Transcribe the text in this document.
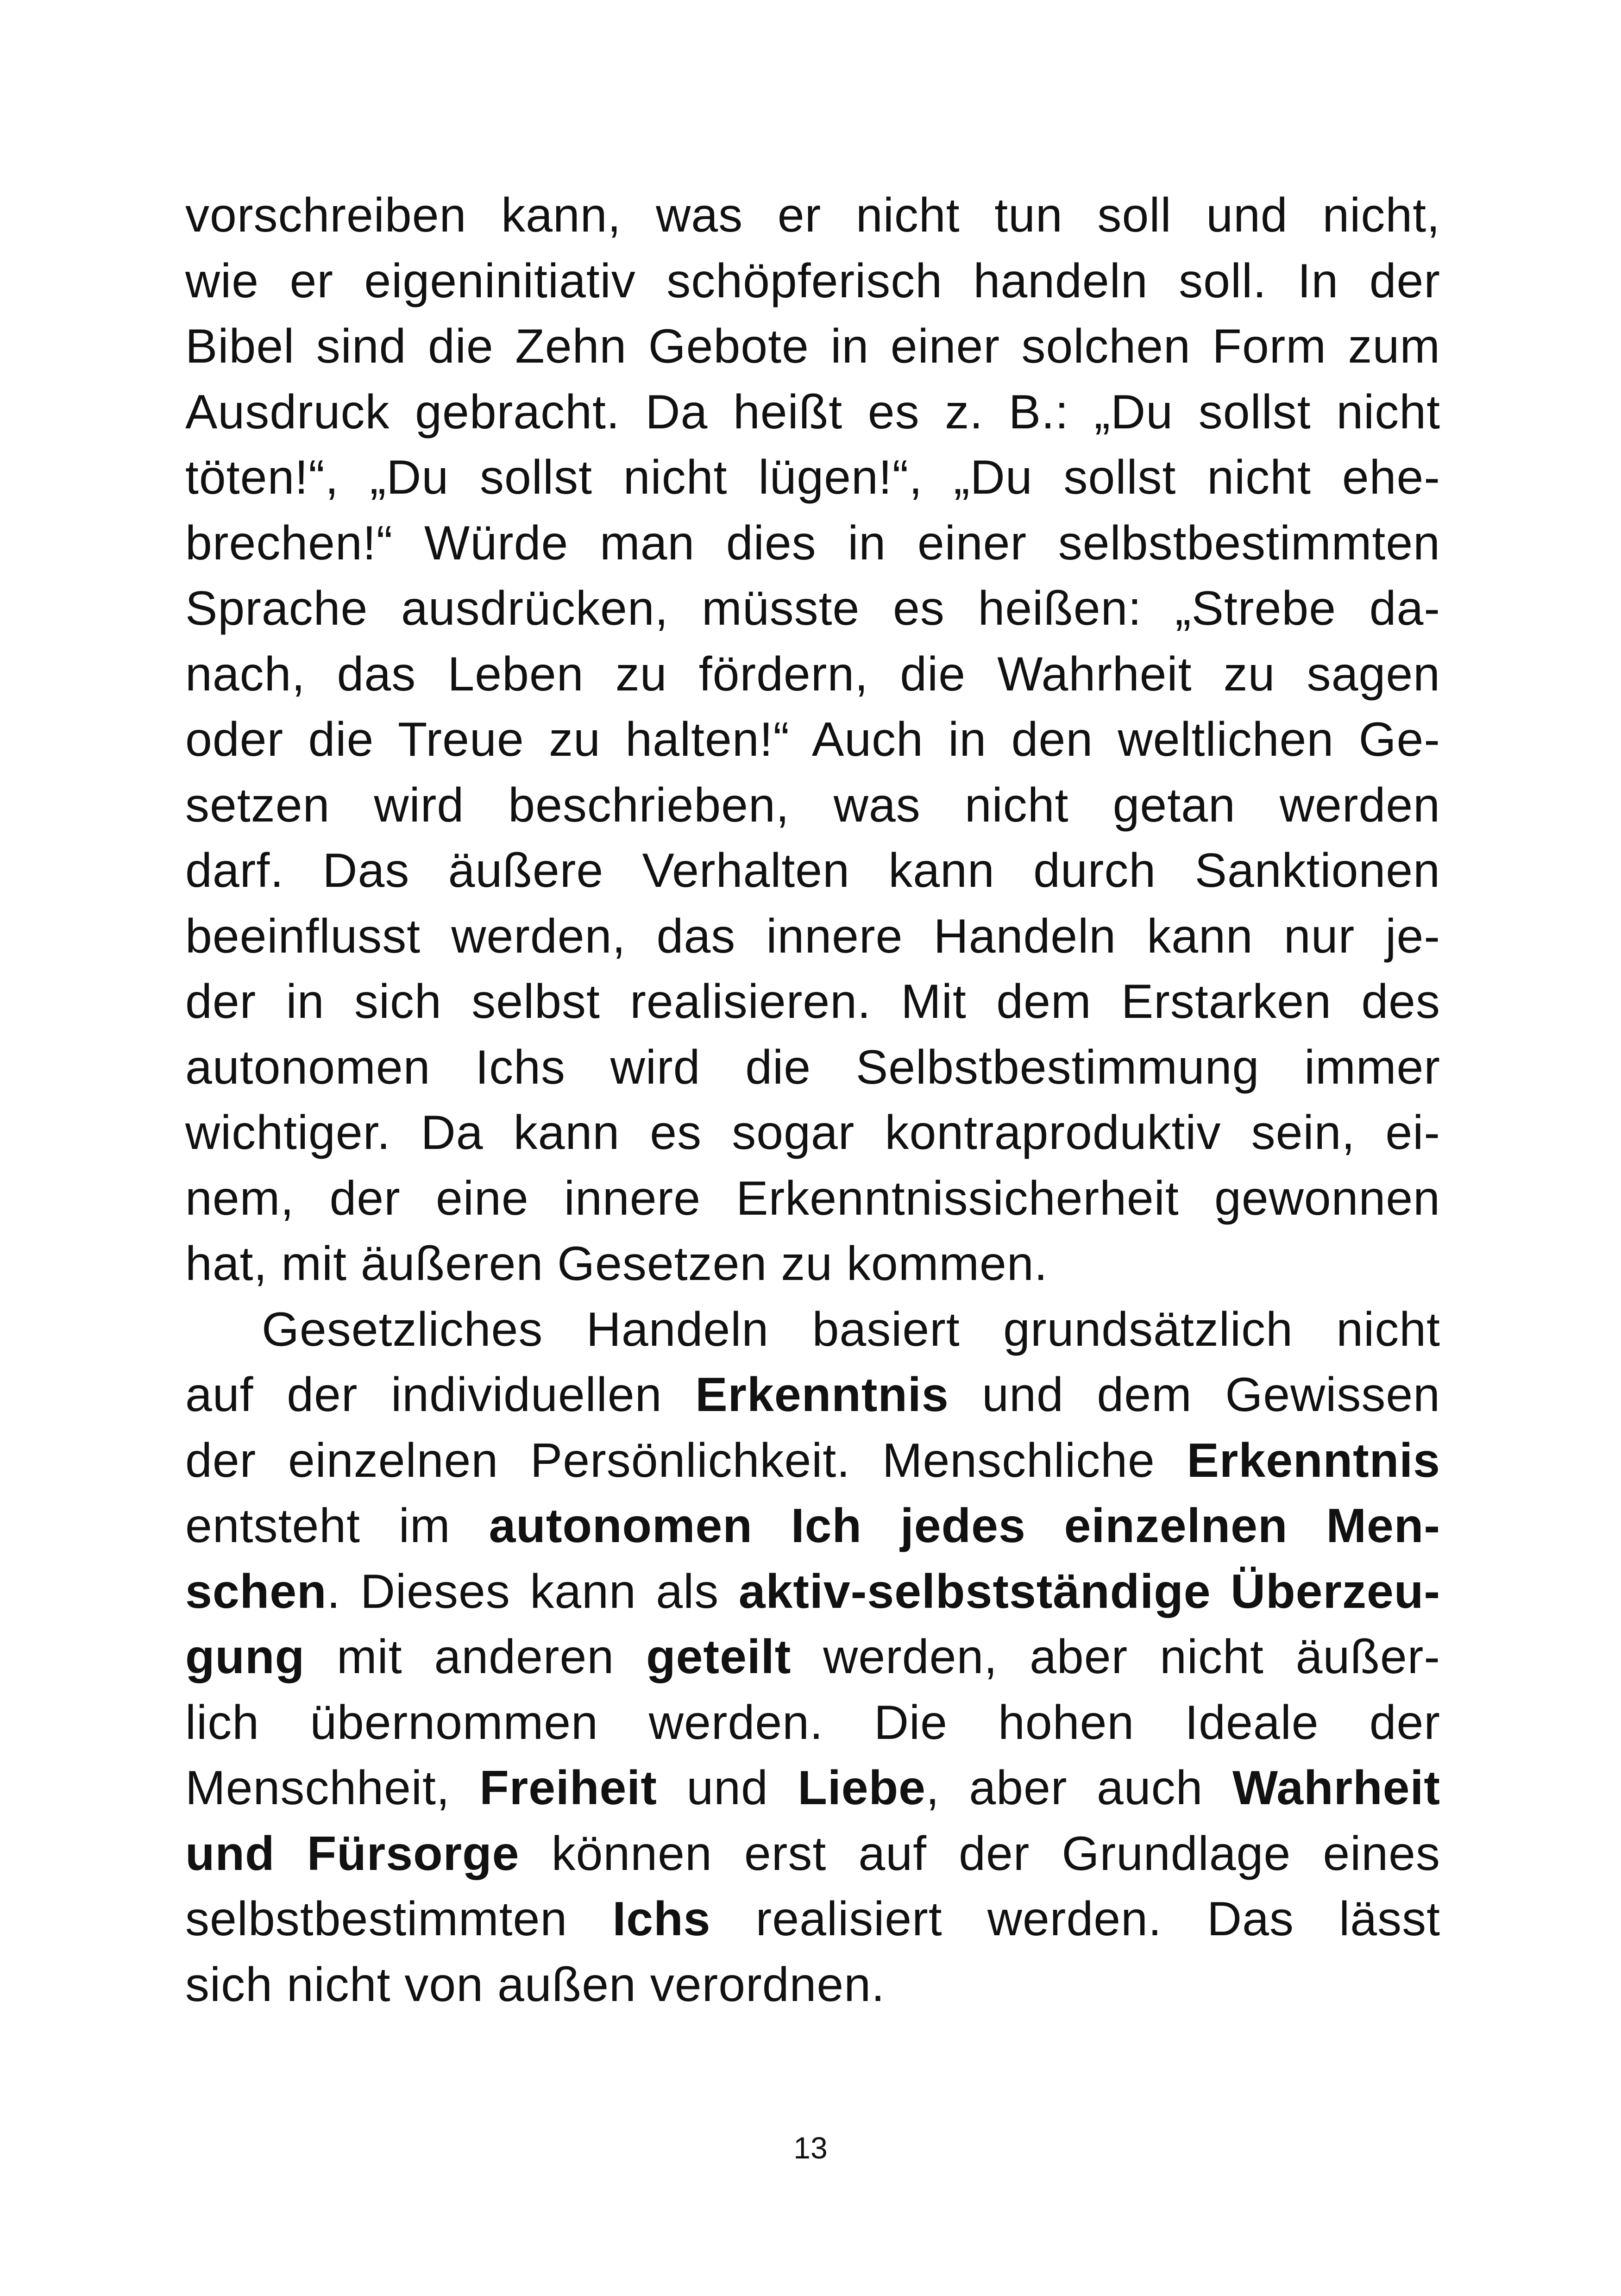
vorschreiben kann, was er nicht tun soll und nicht,
wie er eigeninitiativ schöpferisch handeln soll. In der
Bibel sind die Zehn Gebote in einer solchen Form zum
Ausdruck gebracht. Da heißt es z. B.: „Du sollst nicht
töten!“, „Du sollst nicht lügen!“, „Du sollst nicht ehe-
brechen!“ Würde man dies in einer selbstbestimmten
Sprache ausdrücken, müsste es heißen: „Strebe da-
nach, das Leben zu fördern, die Wahrheit zu sagen
oder die Treue zu halten!“ Auch in den weltlichen Ge-
setzen wird beschrieben, was nicht getan werden
darf. Das äußere Verhalten kann durch Sanktionen
beeinflusst werden, das innere Handeln kann nur je-
der in sich selbst realisieren. Mit dem Erstarken des
autonomen Ichs wird die Selbstbestimmung immer
wichtiger. Da kann es sogar kontraproduktiv sein, ei-
nem, der eine innere Erkenntnissicherheit gewonnen
hat, mit äußeren Gesetzen zu kommen.
Gesetzliches Handeln basiert grundsätzlich nicht
auf der individuellen Erkenntnis und dem Gewissen
der einzelnen Persönlichkeit. Menschliche Erkenntnis
entsteht im autonomen Ich jedes einzelnen Men-
schen. Dieses kann als aktiv-selbstständige Überzeu-
gung mit anderen geteilt werden, aber nicht äußer-
lich übernommen werden. Die hohen Ideale der
Menschheit, Freiheit und Liebe, aber auch Wahrheit
und Fürsorge können erst auf der Grundlage eines
selbstbestimmten Ichs realisiert werden. Das lässt
sich nicht von außen verordnen.
13
